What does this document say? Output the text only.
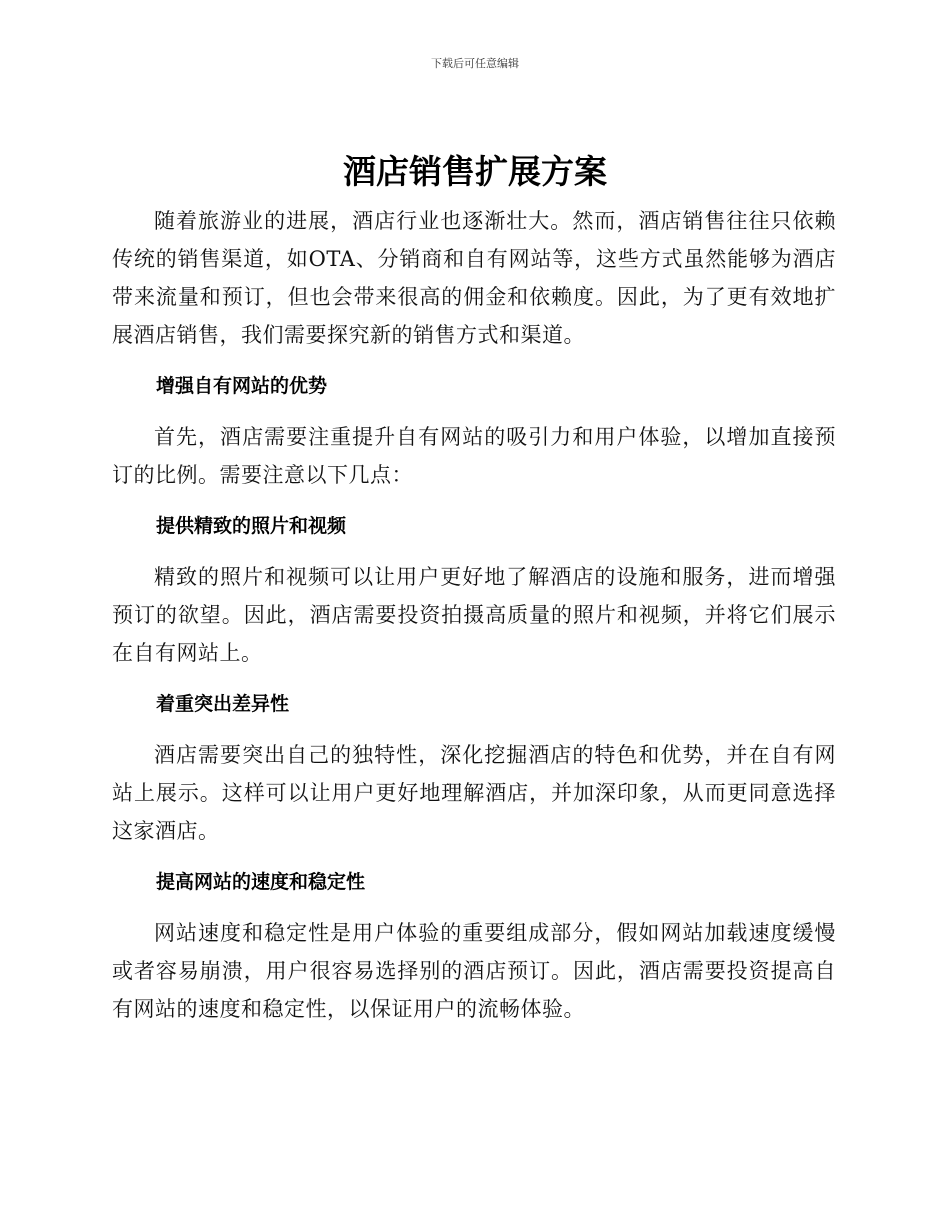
下载后可任意编辑
酒店销售扩展方案

随着旅游业的进展，酒店行业也逐渐壮大。然而，酒店销售往往只依赖传统的销售渠道，如OTA、分销商和自有网站等，这些方式虽然能够为酒店带来流量和预订，但也会带来很高的佣金和依赖度。因此，为了更有效地扩展酒店销售，我们需要探究新的销售方式和渠道。

增强自有网站的优势

首先，酒店需要注重提升自有网站的吸引力和用户体验，以增加直接预订的比例。需要注意以下几点：

提供精致的照片和视频

精致的照片和视频可以让用户更好地了解酒店的设施和服务，进而增强预订的欲望。因此，酒店需要投资拍摄高质量的照片和视频，并将它们展示在自有网站上。

着重突出差异性

酒店需要突出自己的独特性，深化挖掘酒店的特色和优势，并在自有网站上展示。这样可以让用户更好地理解酒店，并加深印象，从而更同意选择这家酒店。

提高网站的速度和稳定性

网站速度和稳定性是用户体验的重要组成部分，假如网站加载速度缓慢或者容易崩溃，用户很容易选择别的酒店预订。因此，酒店需要投资提高自有网站的速度和稳定性，以保证用户的流畅体验。
